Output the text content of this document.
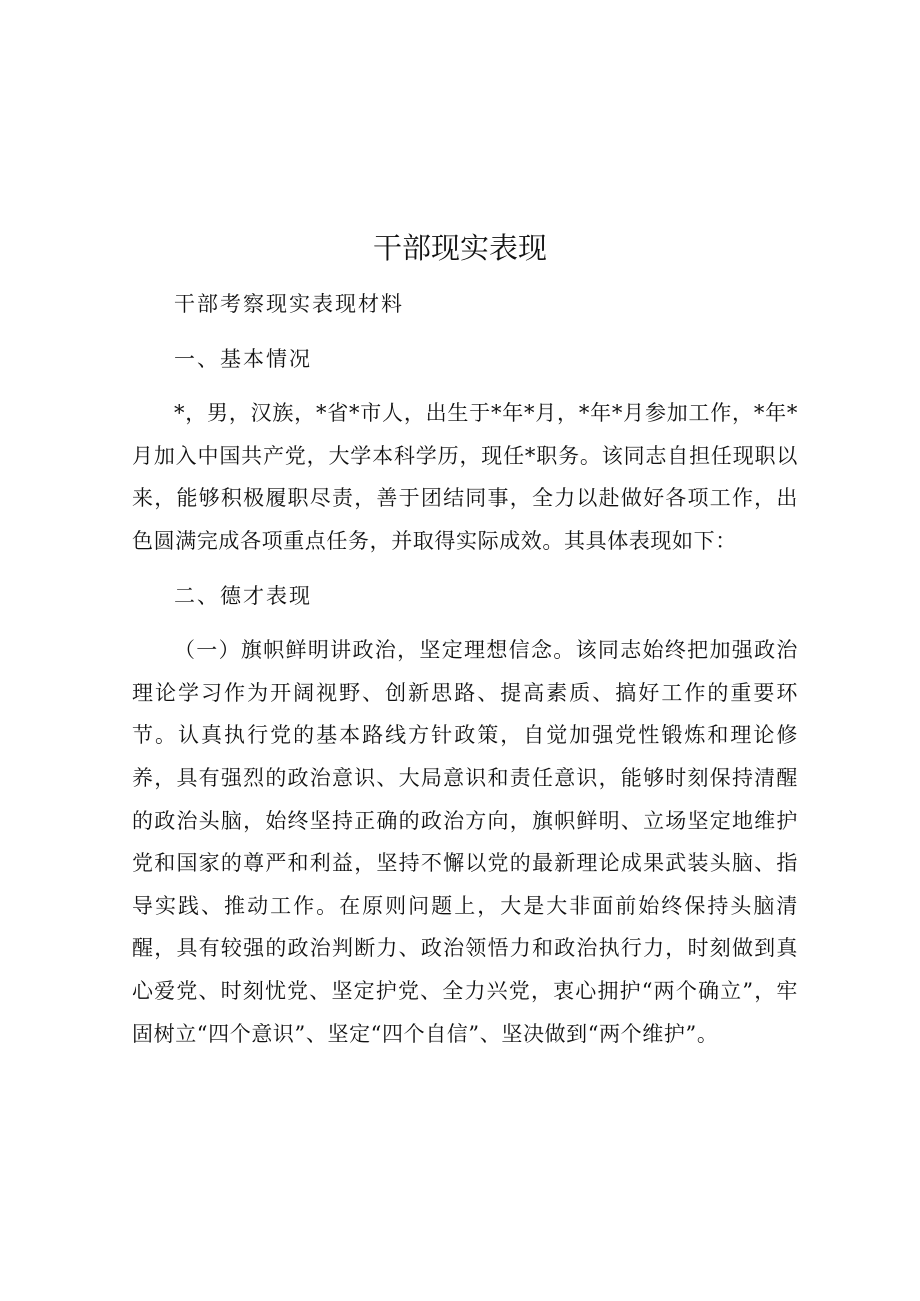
干部现实表现

干部考察现实表现材料

一、基本情况

*，男，汉族，*省*市人，出生于*年*月，*年*月参加工作，*年*月加入中国共产党，大学本科学历，现任*职务。该同志自担任现职以来，能够积极履职尽责，善于团结同事，全力以赴做好各项工作，出色圆满完成各项重点任务，并取得实际成效。其具体表现如下：

二、德才表现

（一）旗帜鲜明讲政治，坚定理想信念。该同志始终把加强政治理论学习作为开阔视野、创新思路、提高素质、搞好工作的重要环节。认真执行党的基本路线方针政策，自觉加强党性锻炼和理论修养，具有强烈的政治意识、大局意识和责任意识，能够时刻保持清醒的政治头脑，始终坚持正确的政治方向，旗帜鲜明、立场坚定地维护党和国家的尊严和利益，坚持不懈以党的最新理论成果武装头脑、指导实践、推动工作。在原则问题上，大是大非面前始终保持头脑清醒，具有较强的政治判断力、政治领悟力和政治执行力，时刻做到真心爱党、时刻忧党、坚定护党、全力兴党，衷心拥护“两个确立”，牢固树立“四个意识”、坚定“四个自信”、坚决做到“两个维护”。
